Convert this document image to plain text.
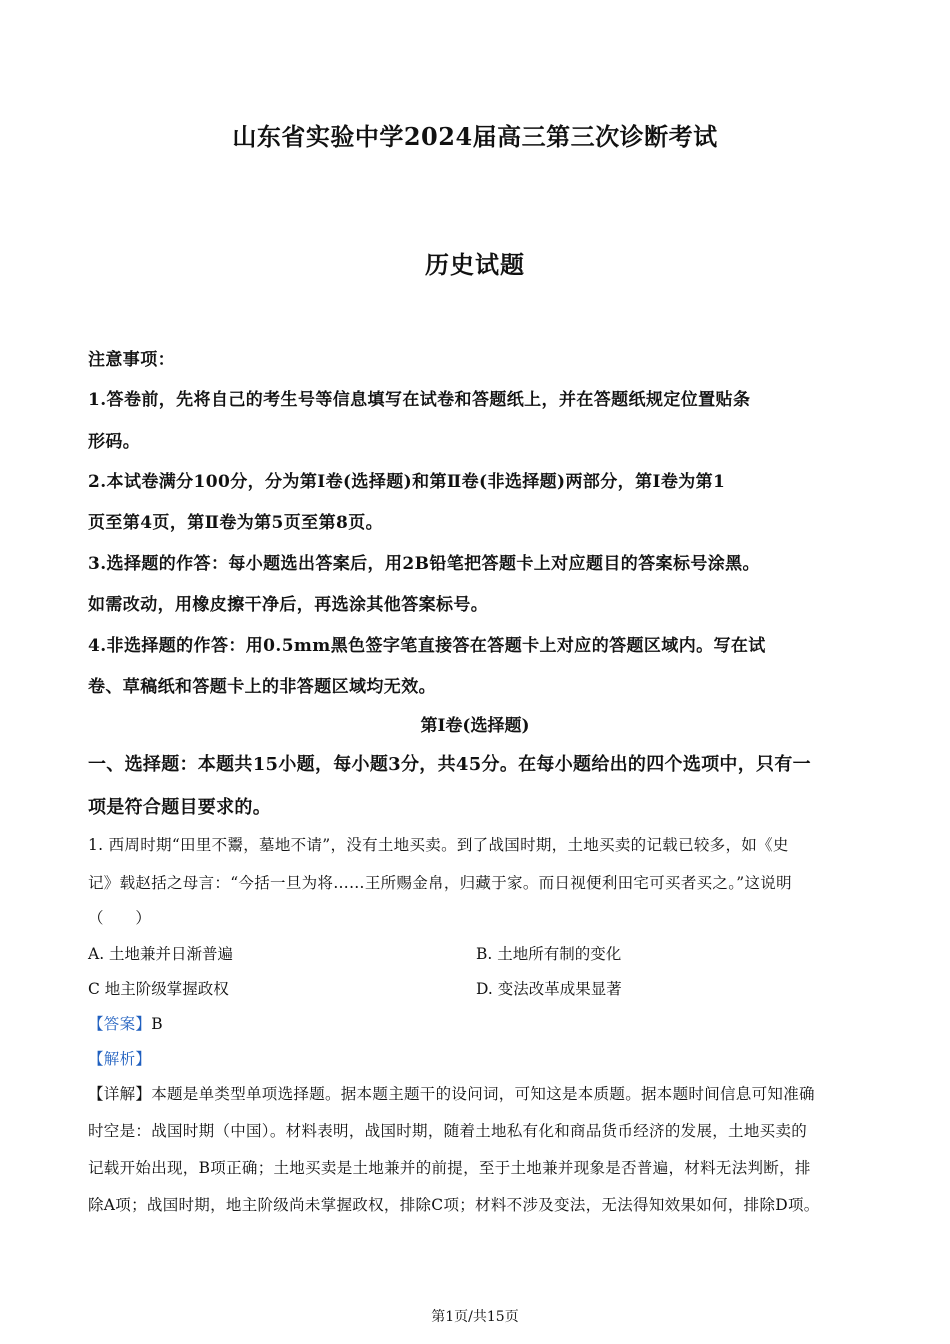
山东省实验中学2024届高三第三次诊断考试
历史试题
注意事项：
1.答卷前，先将自己的考生号等信息填写在试卷和答题纸上，并在答题纸规定位置贴条
形码。
2.本试卷满分100分，分为第Ⅰ卷(选择题)和第Ⅱ卷(非选择题)两部分，第Ⅰ卷为第1
页至第4页，第Ⅱ卷为第5页至第8页。
3.选择题的作答：每小题选出答案后，用2B铅笔把答题卡上对应题目的答案标号涂黑。
如需改动，用橡皮擦干净后，再选涂其他答案标号。
4.非选择题的作答：用0.5mm黑色签字笔直接答在答题卡上对应的答题区域内。写在试
卷、草稿纸和答题卡上的非答题区域均无效。
第Ⅰ卷(选择题)
一、选择题：本题共15小题，每小题3分，共45分。在每小题给出的四个选项中，只有一
项是符合题目要求的。
1. 西周时期“田里不鬻，墓地不请”，没有土地买卖。到了战国时期，土地买卖的记载已较多，如《史
记》载赵括之母言：“今括一旦为将……王所赐金帛，归藏于家。而日视便利田宅可买者买之。”这说明
（　　）
A. 土地兼并日渐普遍	B. 土地所有制的变化
C 地主阶级掌握政权	D. 变法改革成果显著
【答案】B
【解析】
【详解】本题是单类型单项选择题。据本题主题干的设问词，可知这是本质题。据本题时间信息可知准确
时空是：战国时期（中国）。材料表明，战国时期，随着土地私有化和商品货币经济的发展，土地买卖的
记载开始出现，B项正确；土地买卖是土地兼并的前提，至于土地兼并现象是否普遍，材料无法判断，排
除A项；战国时期，地主阶级尚未掌握政权，排除C项；材料不涉及变法，无法得知效果如何，排除D项。
第1页/共15页
